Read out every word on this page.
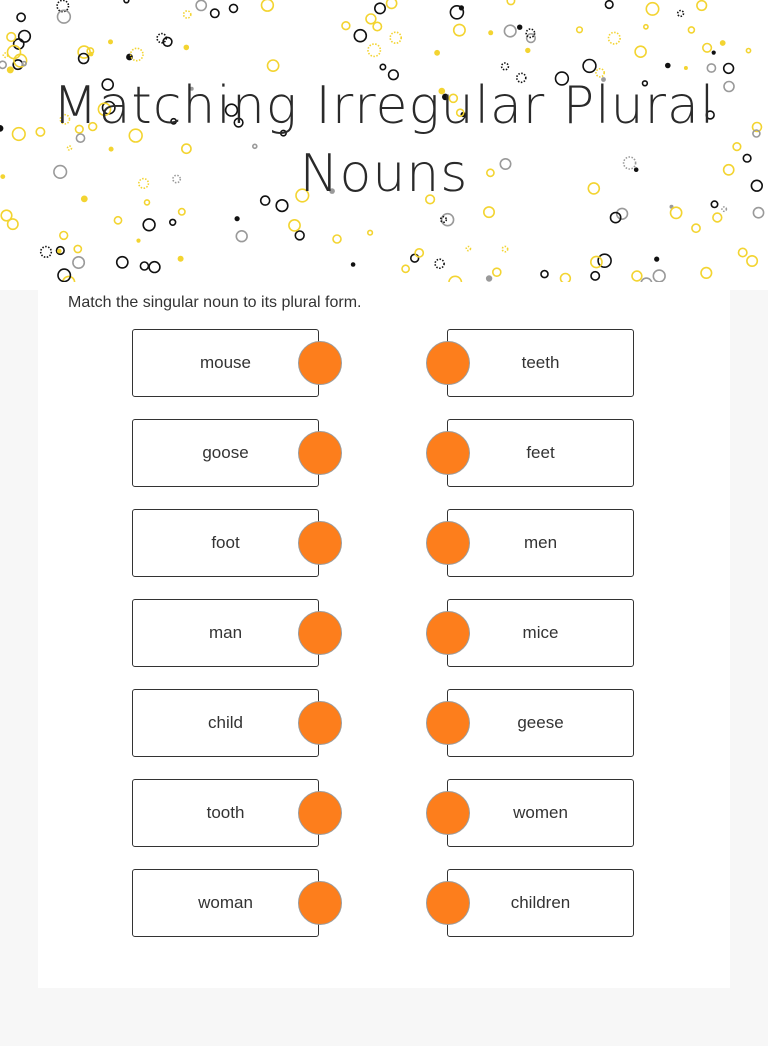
Matching Irregular Plural
Nouns
Match the singular noun to its plural form.
mouse
goose
foot
man
child
tooth
woman
teeth
feet
men
mice
geese
women
children
